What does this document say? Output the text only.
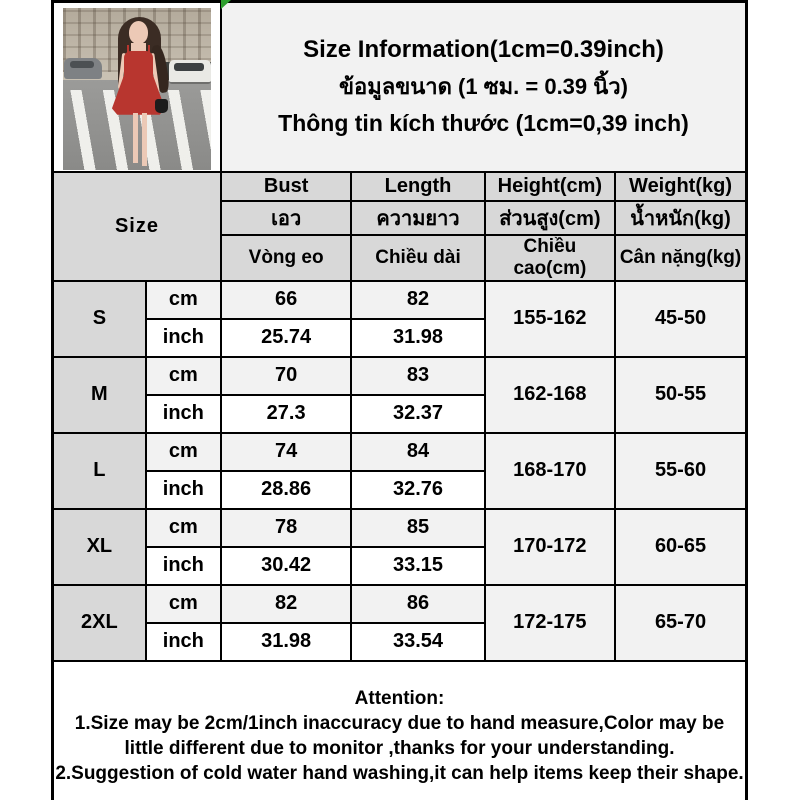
		Size Information(1cm=0.39inch)
ข้อมูลขนาด (1 ซม. = 0.39 นิ้ว)
Thông tin kích thước (1cm=0,39 inch)			

Size		Bust	Length	Height(cm)	Weight(kg)
		เอว	ความยาว	ส่วนสูง(cm)	น้ำหนัก(kg)
		Vòng eo	Chiều dài	Chiều cao(cm)	Cân nặng(kg)
S	cm	66	82	155-162	45-50
	inch	25.74	31.98		
M	cm	70	83	162-168	50-55
	inch	27.3	32.37		
L	cm	74	84	168-170	55-60
	inch	28.86	32.76		
XL	cm	78	85	170-172	60-65
	inch	30.42	33.15		
2XL	cm	82	86	172-175	65-70
	inch	31.98	33.54		

Attention:
1.Size may be 2cm/1inch inaccuracy due to hand measure,Color may be little different due to monitor ,thanks for your understanding.
2.Suggestion of cold water hand washing,it can help items keep their shape.					
